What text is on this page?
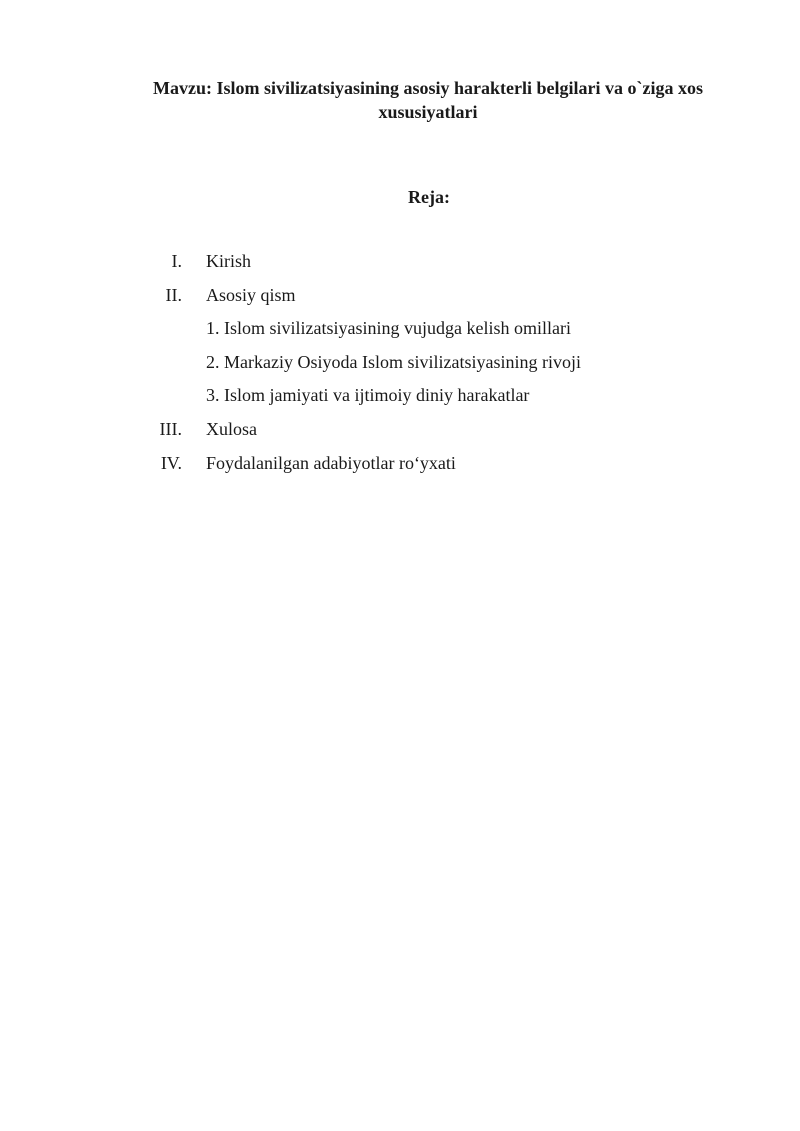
Mavzu: Islom sivilizatsiyasining asosiy harakterli belgilari va o`ziga xos xususiyatlari
Reja:
I. Kirish
II. Asosiy qism
1. Islom sivilizatsiyasining vujudga kelish omillari
2. Markaziy Osiyoda Islom sivilizatsiyasining rivoji
3. Islom jamiyati va ijtimoiy diniy harakatlar
III. Xulosa
IV. Foydalanilgan adabiyotlar ro‘yxati
